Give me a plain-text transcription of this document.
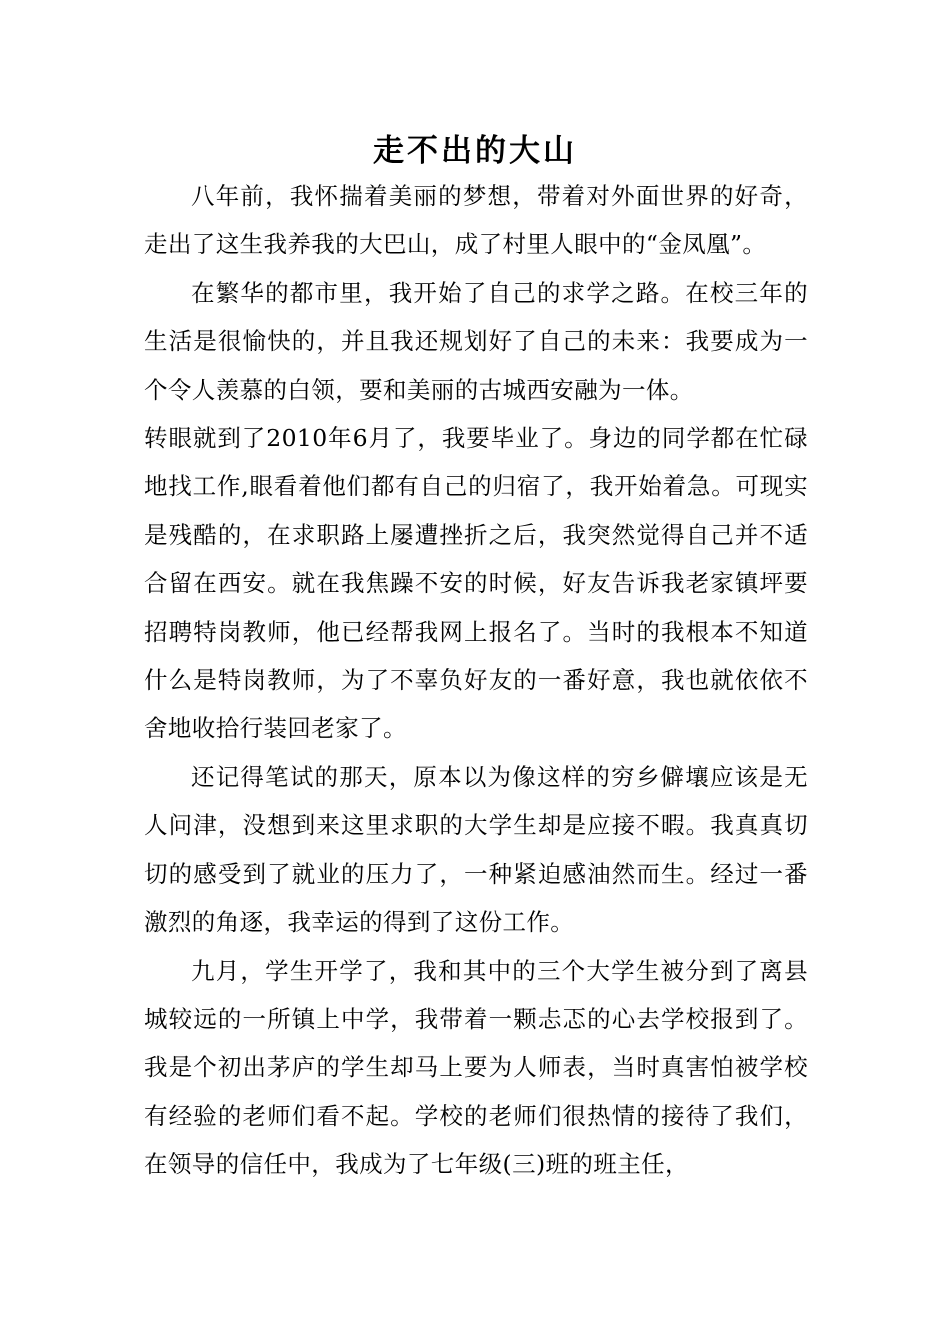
走不出的大山

八年前，我怀揣着美丽的梦想，带着对外面世界的好奇，走出了这生我养我的大巴山，成了村里人眼中的“金凤凰”。

在繁华的都市里，我开始了自己的求学之路。在校三年的生活是很愉快的，并且我还规划好了自己的未来：我要成为一个令人羡慕的白领，要和美丽的古城西安融为一体。

转眼就到了2010年6月了，我要毕业了。身边的同学都在忙碌地找工作,眼看着他们都有自己的归宿了，我开始着急。可现实是残酷的，在求职路上屡遭挫折之后，我突然觉得自己并不适合留在西安。就在我焦躁不安的时候，好友告诉我老家镇坪要招聘特岗教师，他已经帮我网上报名了。当时的我根本不知道什么是特岗教师，为了不辜负好友的一番好意，我也就依依不舍地收拾行装回老家了。

还记得笔试的那天，原本以为像这样的穷乡僻壤应该是无人问津，没想到来这里求职的大学生却是应接不暇。我真真切切的感受到了就业的压力了，一种紧迫感油然而生。经过一番激烈的角逐，我幸运的得到了这份工作。

九月，学生开学了，我和其中的三个大学生被分到了离县城较远的一所镇上中学，我带着一颗忐忑的心去学校报到了。我是个初出茅庐的学生却马上要为人师表，当时真害怕被学校有经验的老师们看不起。学校的老师们很热情的接待了我们，在领导的信任中，我成为了七年级(三)班的班主任，
